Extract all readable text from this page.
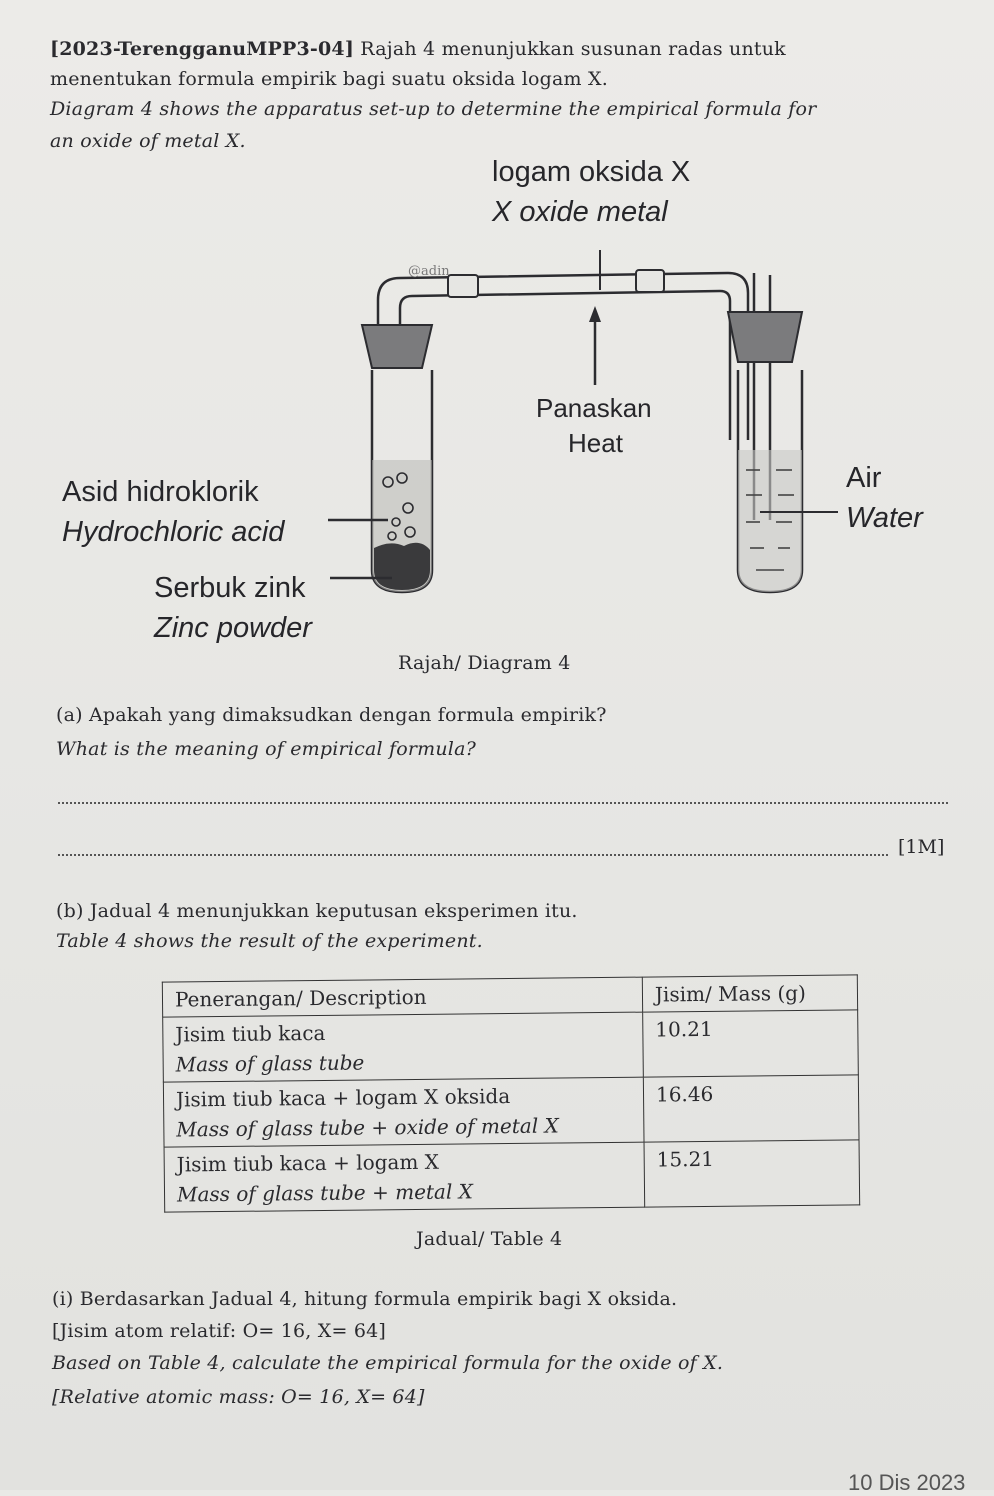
[2023-TerengganuMPP3-04] Rajah 4 menunjukkan susunan radas untuk
menentukan formula empirik bagi suatu oksida logam X.
Diagram 4 shows the apparatus set-up to determine the empirical formula for
an oxide of metal X.
@adin
logam oksida X
X oxide metal
Panaskan
Heat
Asid hidroklorik
Hydrochloric acid
Serbuk zink
Zinc powder
Air
Water
Rajah/ Diagram 4
(a) Apakah yang dimaksudkan dengan formula empirik?
What is the meaning of empirical formula?
[1M]
(b) Jadual 4 menunjukkan keputusan eksperimen itu.
Table 4 shows the result of the experiment.
Penerangan/ Description	Jisim/ Mass (g)

Jisim tiub kaca
Mass of glass tube	10.21

Jisim tiub kaca + logam X oksida
Mass of glass tube + oxide of metal X	16.46

Jisim tiub kaca + logam X
Mass of glass tube + metal X	15.21
Jadual/ Table 4
(i) Berdasarkan Jadual 4, hitung formula empirik bagi X oksida.
[Jisim atom relatif: O= 16, X= 64]
Based on Table 4, calculate the empirical formula for the oxide of X.
[Relative atomic mass: O= 16, X= 64]
10 Dis 2023
